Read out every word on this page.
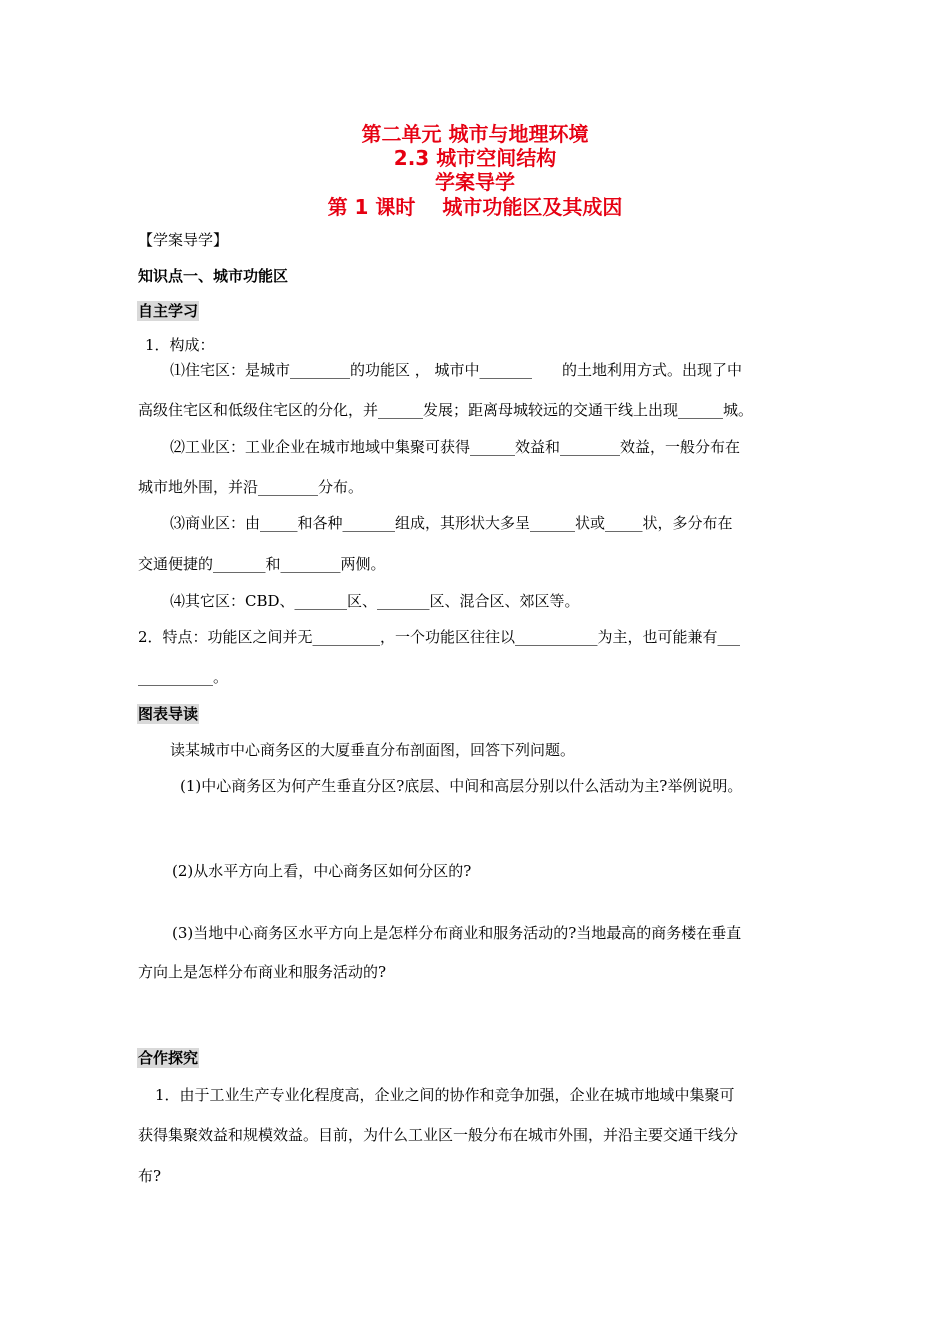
第二单元 城市与地理环境
2.3 城市空间结构
学案导学
第 1 课时　 城市功能区及其成因
【学案导学】
知识点一、城市功能区
自主学习
1．构成：
⑴住宅区：是城市________的功能区 ， 城市中_______　　的土地利用方式。出现了中
高级住宅区和低级住宅区的分化，并______发展；距离母城较远的交通干线上出现______城。
⑵工业区：工业企业在城市地域中集聚可获得______效益和________效益，一般分布在
城市地外围，并沿________分布。
⑶商业区：由_____和各种_______组成，其形状大多呈______状或_____状，多分布在
交通便捷的_______和________两侧。
⑷其它区：CBD、_______区、_______区、混合区、郊区等。
2．特点：功能区之间并无_________，一个功能区往往以___________为主，也可能兼有___
__________。
图表导读
读某城市中心商务区的大厦垂直分布剖面图，回答下列问题。
(1)中心商务区为何产生垂直分区?底层、中间和高层分别以什么活动为主?举例说明。
(2)从水平方向上看，中心商务区如何分区的?
(3)当地中心商务区水平方向上是怎样分布商业和服务活动的?当地最高的商务楼在垂直
方向上是怎样分布商业和服务活动的?
合作探究
1．由于工业生产专业化程度高，企业之间的协作和竞争加强，企业在城市地域中集聚可
获得集聚效益和规模效益。目前，为什么工业区一般分布在城市外围，并沿主要交通干线分
布?
